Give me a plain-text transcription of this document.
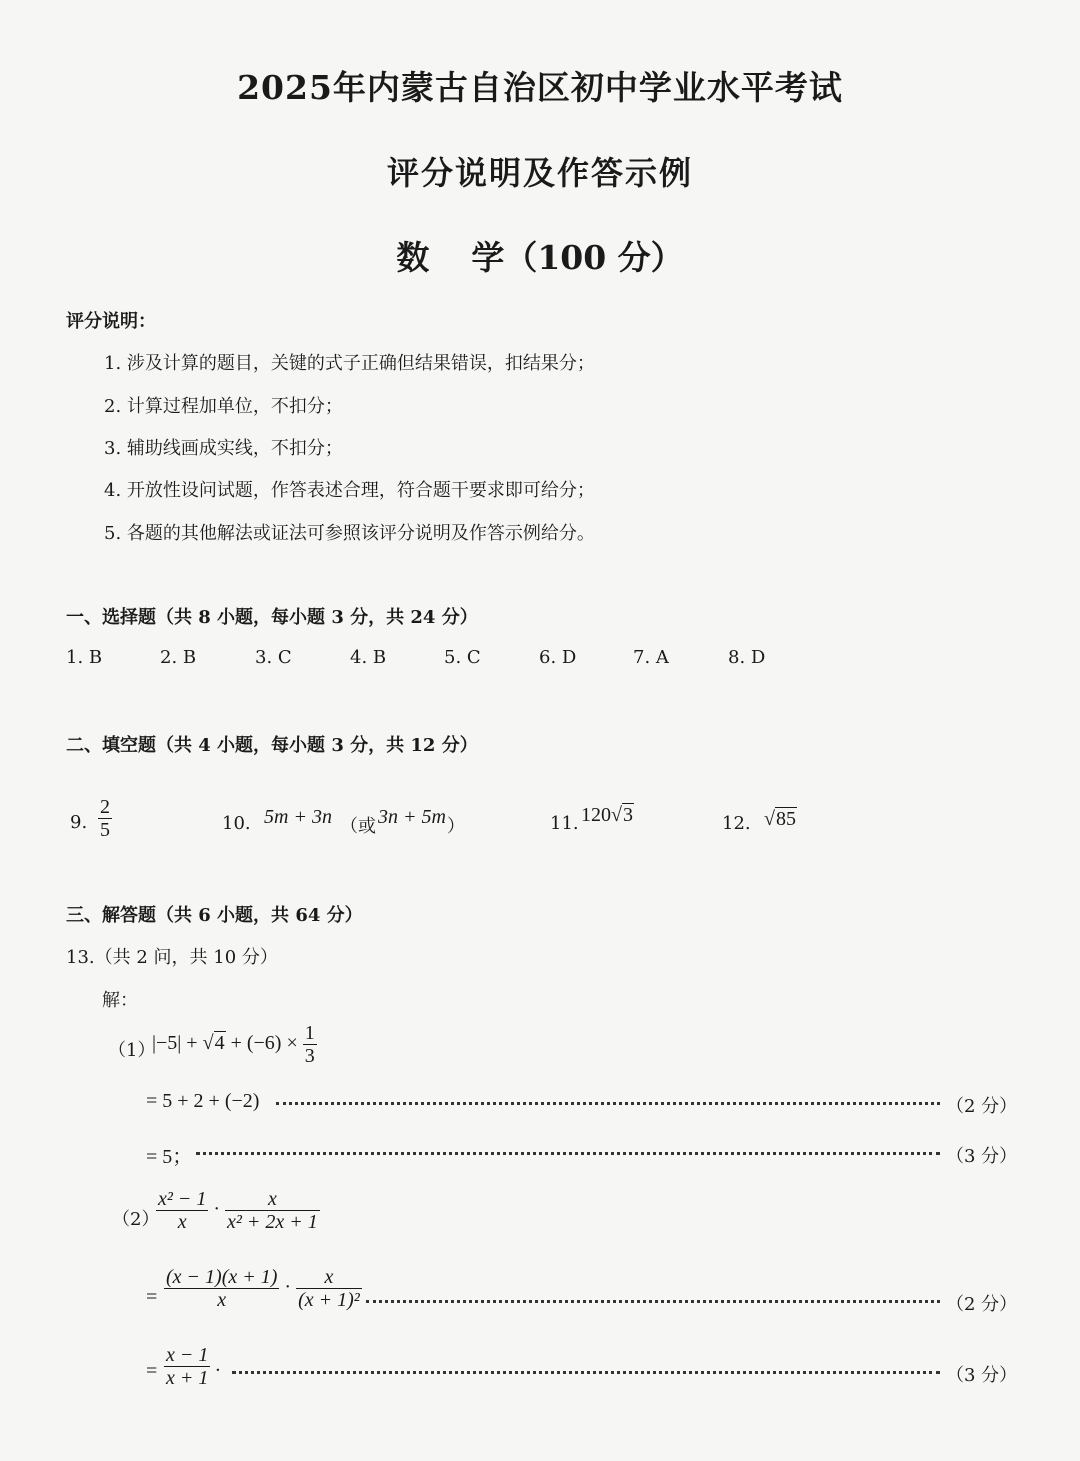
2025年内蒙古自治区初中学业水平考试
评分说明及作答示例
数 学（100 分）
评分说明：
1. 涉及计算的题目，关键的式子正确但结果错误，扣结果分；
2. 计算过程加单位，不扣分；
3. 辅助线画成实线，不扣分；
4. 开放性设问试题，作答表述合理，符合题干要求即可给分；
5. 各题的其他解法或证法可参照该评分说明及作答示例给分。
一、选择题（共 8 小题，每小题 3 分，共 24 分）
1. B	2. B	3. C	4. B	5. C	6. D	7. A	8. D
二、填空题（共 4 小题，每小题 3 分，共 12 分）
9. $\frac{2}{5}$	10. 5m + 3n （或 3n + 5m ）	11. 120√3	12. √85
三、解答题（共 6 小题，共 64 分）
13.（共 2 问，共 10 分）
解：
（1）
$|-5| + √4 + (-6) \times \frac{1}{3}$
= 5 + 2 + (−2)	（2 分）
= 5；	（3 分）
（2）
$\frac{\text{x² − 1}}{x} \cdot \frac{x}{\text{x² + 2x + 1}}$
= $\frac{(x - 1)(x + 1)}{x} \cdot \frac{x}{\text{(x + 1)²}}$	（2 分）
= $\frac{x - 1}{x + 1}$ .	（3 分）
